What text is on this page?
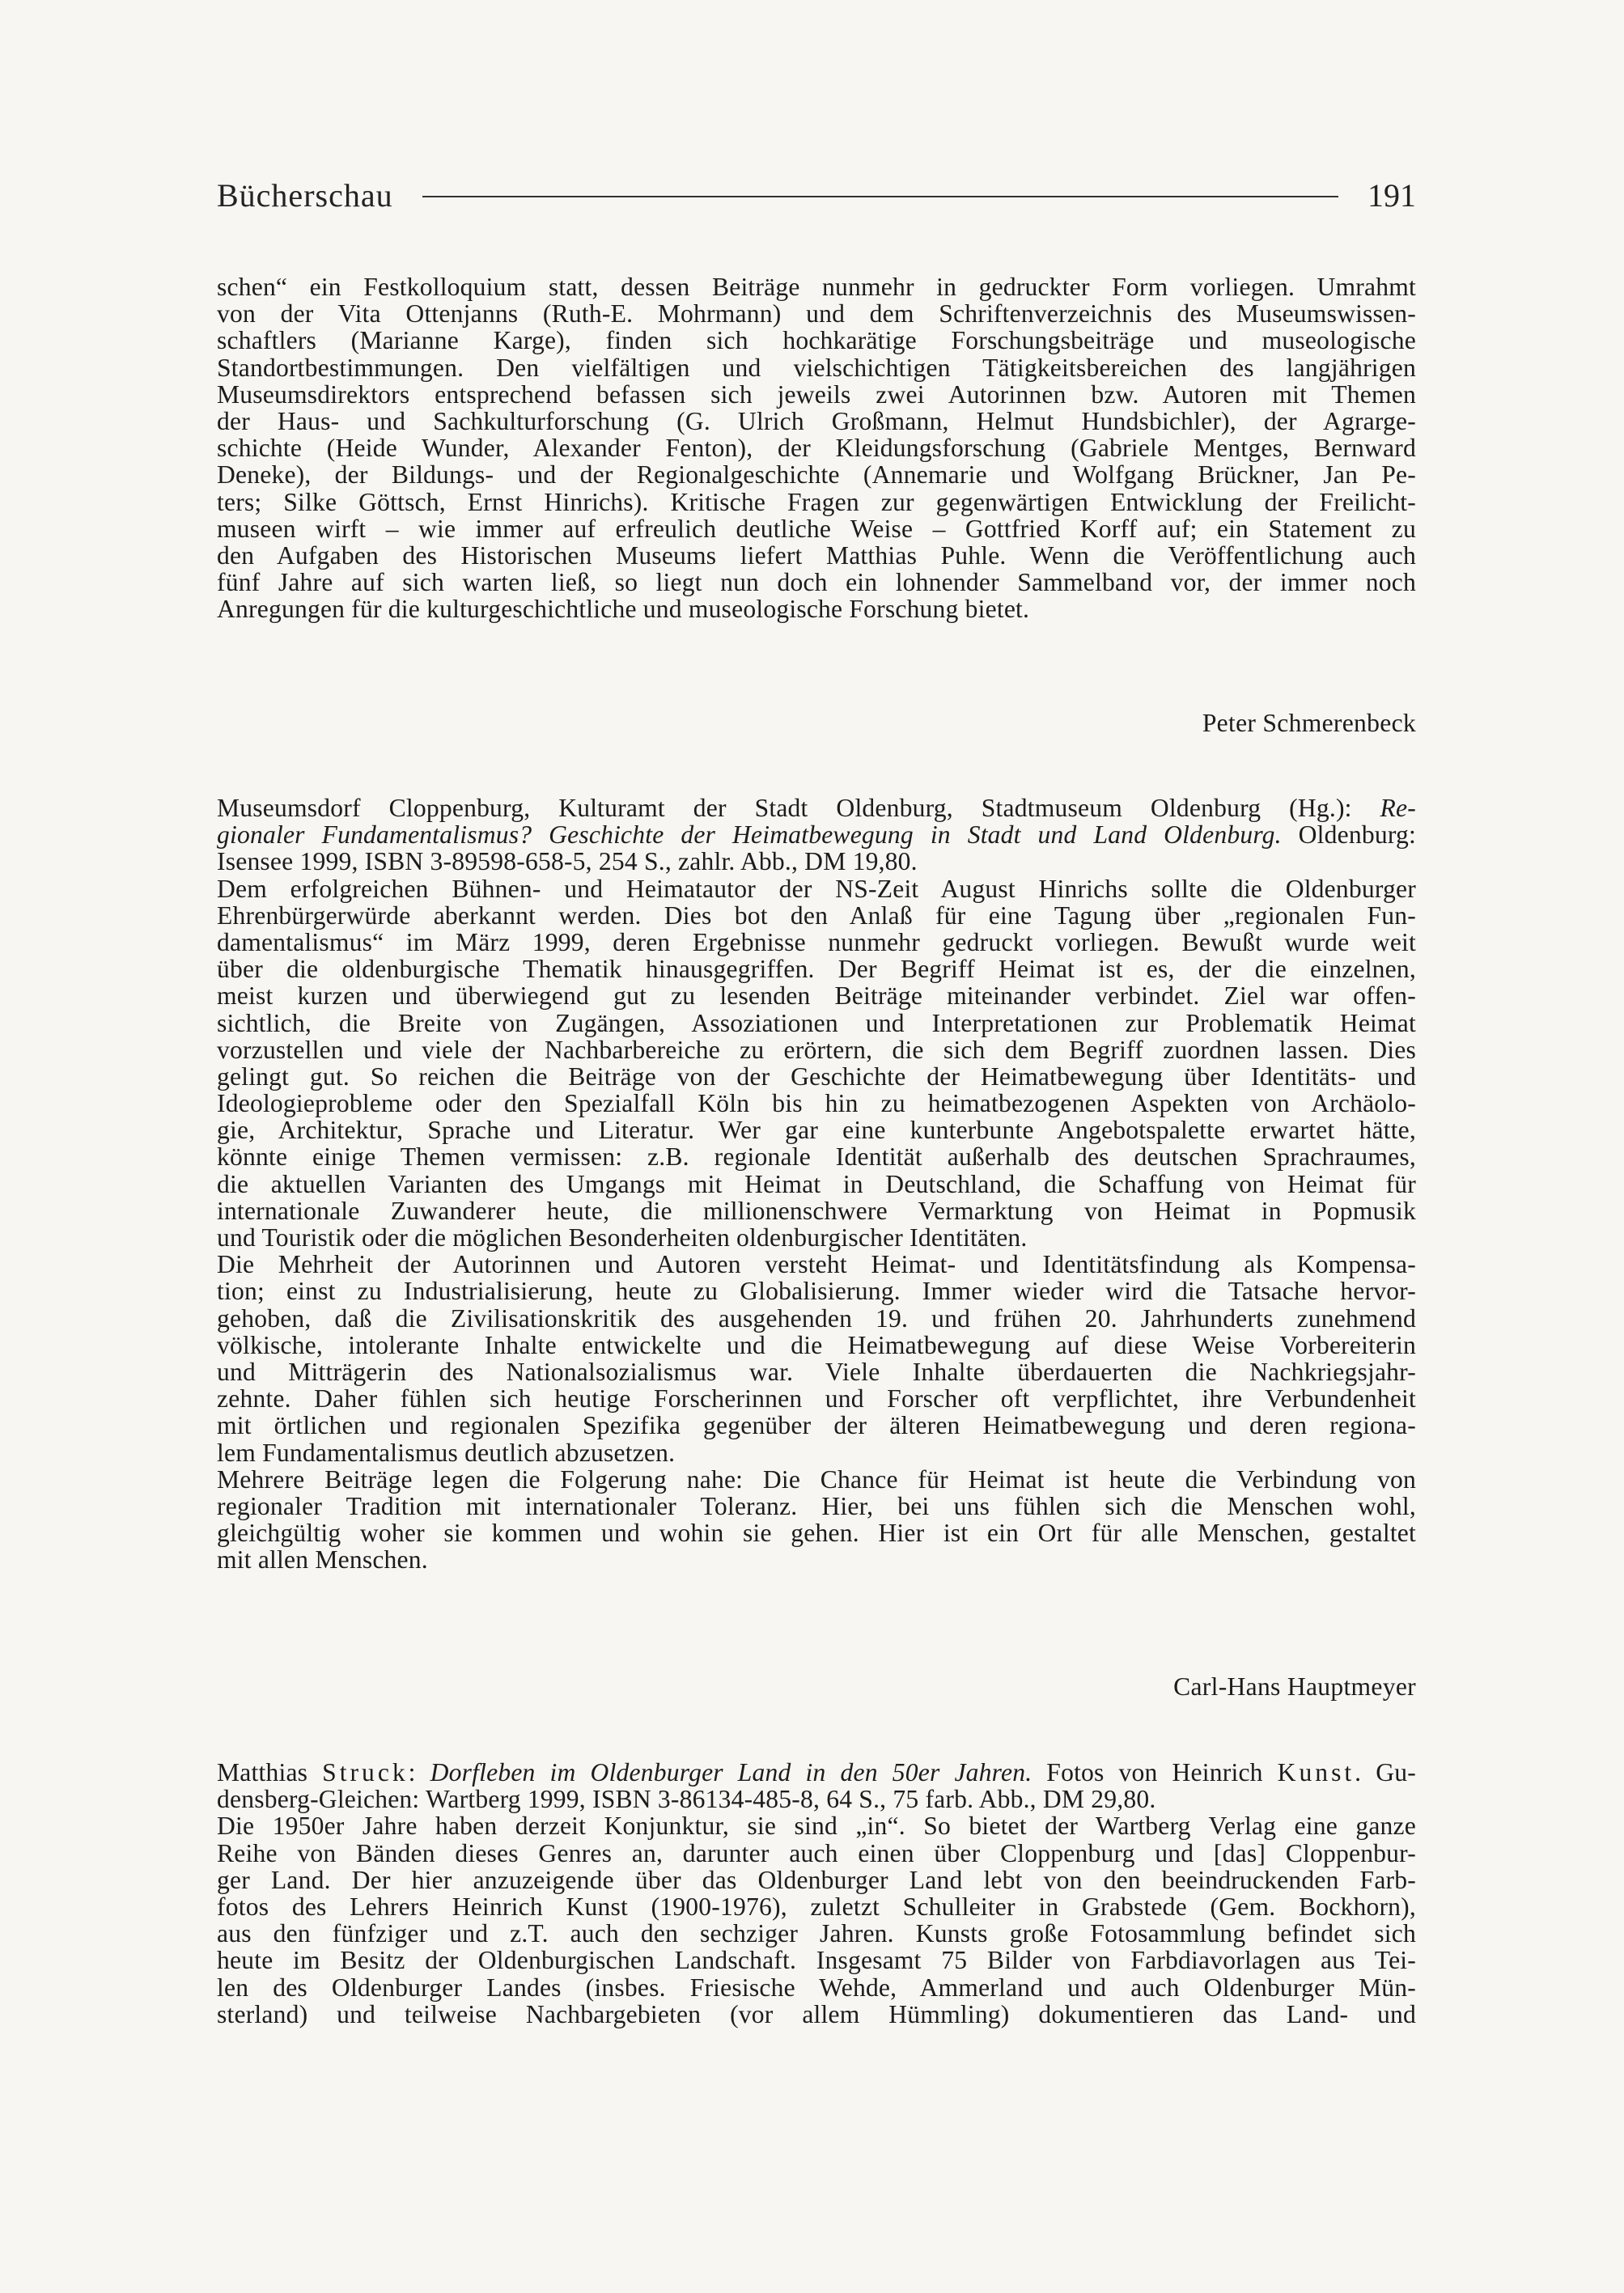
Bücherschau	191
schen“ ein Festkolloquium statt, dessen Beiträge nunmehr in gedruckter Form vorliegen. Umrahmt
von der Vita Ottenjanns (Ruth-E. Mohrmann) und dem Schriftenverzeichnis des Museumswissen-
schaftlers (Marianne Karge), finden sich hochkarätige Forschungsbeiträge und museologische
Standortbestimmungen. Den vielfältigen und vielschichtigen Tätigkeitsbereichen des langjährigen
Museumsdirektors entsprechend befassen sich jeweils zwei Autorinnen bzw. Autoren mit Themen
der Haus- und Sachkulturforschung (G. Ulrich Großmann, Helmut Hundsbichler), der Agrarge-
schichte (Heide Wunder, Alexander Fenton), der Kleidungsforschung (Gabriele Mentges, Bernward
Deneke), der Bildungs- und der Regionalgeschichte (Annemarie und Wolfgang Brückner, Jan Pe-
ters; Silke Göttsch, Ernst Hinrichs). Kritische Fragen zur gegenwärtigen Entwicklung der Freilicht-
museen wirft – wie immer auf erfreulich deutliche Weise – Gottfried Korff auf; ein Statement zu
den Aufgaben des Historischen Museums liefert Matthias Puhle. Wenn die Veröffentlichung auch
fünf Jahre auf sich warten ließ, so liegt nun doch ein lohnender Sammelband vor, der immer noch
Anregungen für die kulturgeschichtliche und museologische Forschung bietet.
Peter Schmerenbeck
Museumsdorf Cloppenburg, Kulturamt der Stadt Oldenburg, Stadtmuseum Oldenburg (Hg.): Re-
gionaler Fundamentalismus? Geschichte der Heimatbewegung in Stadt und Land Oldenburg. Oldenburg:
Isensee 1999, ISBN 3-89598-658-5, 254 S., zahlr. Abb., DM 19,80.
Dem erfolgreichen Bühnen- und Heimatautor der NS-Zeit August Hinrichs sollte die Oldenburger
Ehrenbürgerwürde aberkannt werden. Dies bot den Anlaß für eine Tagung über „regionalen Fun-
damentalismus“ im März 1999, deren Ergebnisse nunmehr gedruckt vorliegen. Bewußt wurde weit
über die oldenburgische Thematik hinausgegriffen. Der Begriff Heimat ist es, der die einzelnen,
meist kurzen und überwiegend gut zu lesenden Beiträge miteinander verbindet. Ziel war offen-
sichtlich, die Breite von Zugängen, Assoziationen und Interpretationen zur Problematik Heimat
vorzustellen und viele der Nachbarbereiche zu erörtern, die sich dem Begriff zuordnen lassen. Dies
gelingt gut. So reichen die Beiträge von der Geschichte der Heimatbewegung über Identitäts- und
Ideologieprobleme oder den Spezialfall Köln bis hin zu heimatbezogenen Aspekten von Archäolo-
gie, Architektur, Sprache und Literatur. Wer gar eine kunterbunte Angebotspalette erwartet hätte,
könnte einige Themen vermissen: z.B. regionale Identität außerhalb des deutschen Sprachraumes,
die aktuellen Varianten des Umgangs mit Heimat in Deutschland, die Schaffung von Heimat für
internationale Zuwanderer heute, die millionenschwere Vermarktung von Heimat in Popmusik
und Touristik oder die möglichen Besonderheiten oldenburgischer Identitäten.
Die Mehrheit der Autorinnen und Autoren versteht Heimat- und Identitätsfindung als Kompensa-
tion; einst zu Industrialisierung, heute zu Globalisierung. Immer wieder wird die Tatsache hervor-
gehoben, daß die Zivilisationskritik des ausgehenden 19. und frühen 20. Jahrhunderts zunehmend
völkische, intolerante Inhalte entwickelte und die Heimatbewegung auf diese Weise Vorbereiterin
und Mitträgerin des Nationalsozialismus war. Viele Inhalte überdauerten die Nachkriegsjahr-
zehnte. Daher fühlen sich heutige Forscherinnen und Forscher oft verpflichtet, ihre Verbundenheit
mit örtlichen und regionalen Spezifika gegenüber der älteren Heimatbewegung und deren regiona-
lem Fundamentalismus deutlich abzusetzen.
Mehrere Beiträge legen die Folgerung nahe: Die Chance für Heimat ist heute die Verbindung von
regionaler Tradition mit internationaler Toleranz. Hier, bei uns fühlen sich die Menschen wohl,
gleichgültig woher sie kommen und wohin sie gehen. Hier ist ein Ort für alle Menschen, gestaltet
mit allen Menschen.
Carl-Hans Hauptmeyer
Matthias Struck: Dorfleben im Oldenburger Land in den 50er Jahren. Fotos von Heinrich Kunst. Gu-
densberg-Gleichen: Wartberg 1999, ISBN 3-86134-485-8, 64 S., 75 farb. Abb., DM 29,80.
Die 1950er Jahre haben derzeit Konjunktur, sie sind „in“. So bietet der Wartberg Verlag eine ganze
Reihe von Bänden dieses Genres an, darunter auch einen über Cloppenburg und [das] Cloppenbur-
ger Land. Der hier anzuzeigende über das Oldenburger Land lebt von den beeindruckenden Farb-
fotos des Lehrers Heinrich Kunst (1900-1976), zuletzt Schulleiter in Grabstede (Gem. Bockhorn),
aus den fünfziger und z.T. auch den sechziger Jahren. Kunsts große Fotosammlung befindet sich
heute im Besitz der Oldenburgischen Landschaft. Insgesamt 75 Bilder von Farbdiavorlagen aus Tei-
len des Oldenburger Landes (insbes. Friesische Wehde, Ammerland und auch Oldenburger Mün-
sterland) und teilweise Nachbargebieten (vor allem Hümmling) dokumentieren das Land- und
